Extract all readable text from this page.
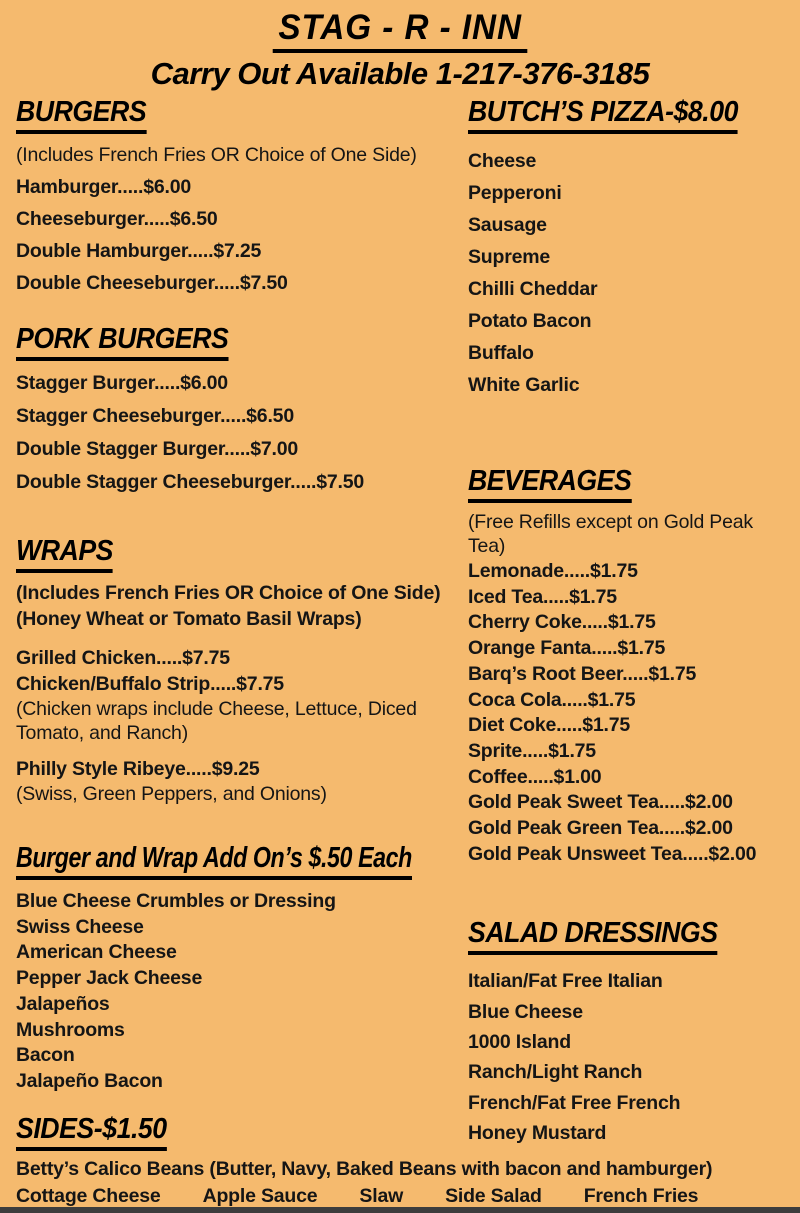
STAG - R - INN
Carry Out Available 1-217-376-3185
BURGERS
(Includes French Fries OR Choice of One Side)
Hamburger.....$6.00
Cheeseburger.....$6.50
Double Hamburger.....$7.25
Double Cheeseburger.....$7.50
PORK BURGERS
Stagger Burger.....$6.00
Stagger Cheeseburger.....$6.50
Double Stagger Burger.....$7.00
Double Stagger Cheeseburger.....$7.50
WRAPS
(Includes French Fries OR Choice of One Side)
(Honey Wheat or Tomato Basil Wraps)
Grilled Chicken.....$7.75
Chicken/Buffalo Strip.....$7.75
(Chicken wraps include Cheese, Lettuce, Diced Tomato, and Ranch)
Philly Style Ribeye.....$9.25
(Swiss, Green Peppers, and Onions)
Burger and Wrap Add On’s $.50 Each
Blue Cheese Crumbles or Dressing
Swiss Cheese
American Cheese
Pepper Jack Cheese
Jalapeños
Mushrooms
Bacon
Jalapeño Bacon
BUTCH’S PIZZA-$8.00
Cheese
Pepperoni
Sausage
Supreme
Chilli Cheddar
Potato Bacon
Buffalo
White Garlic
BEVERAGES
(Free Refills except on Gold Peak Tea)
Lemonade.....$1.75
Iced Tea.....$1.75
Cherry Coke.....$1.75
Orange Fanta.....$1.75
Barq’s Root Beer.....$1.75
Coca Cola.....$1.75
Diet Coke.....$1.75
Sprite.....$1.75
Coffee.....$1.00
Gold Peak Sweet Tea.....$2.00
Gold Peak Green Tea.....$2.00
Gold Peak Unsweet Tea.....$2.00
SALAD DRESSINGS
Italian/Fat Free Italian
Blue Cheese
1000 Island
Ranch/Light Ranch
French/Fat Free French
Honey Mustard
SIDES-$1.50
Betty’s Calico Beans (Butter, Navy, Baked Beans with bacon and hamburger)
Cottage Cheese Apple Sauce Slaw Side Salad French Fries
